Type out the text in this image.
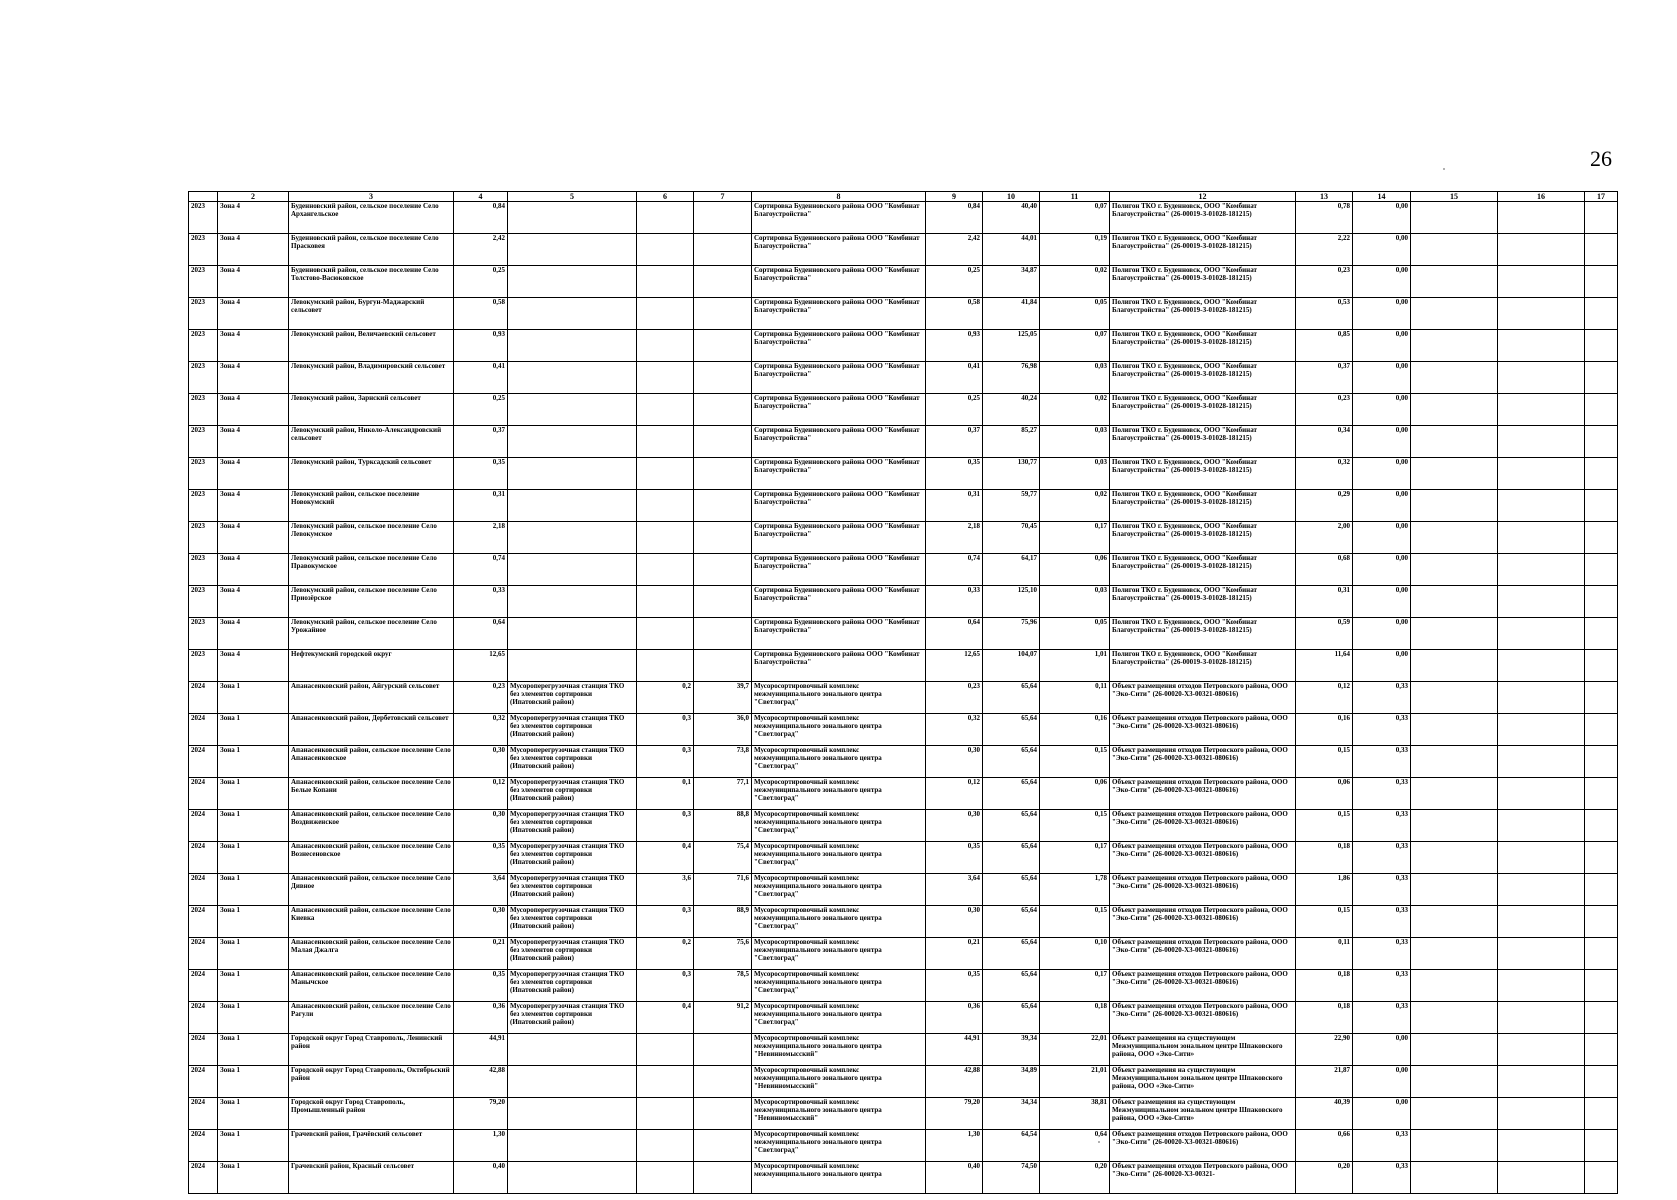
26
	2	3	4	5	6	7	8	9	10	11	12	13	14	15	16	17
2023	Зона 4	Буденновский район, сельское поселение Село Архангельское	0,84				Сортировка Буденновского района ООО "Комбинат Благоустройства"	0,84	40,40	0,07	Полигон ТКО г. Буденновск, ООО "Комбинат Благоустройства" (26-00019-З-01028-181215)	0,78	0,00			
2023	Зона 4	Буденновский район, сельское поселение Село Прасковея	2,42				Сортировка Буденновского района ООО "Комбинат Благоустройства"	2,42	44,01	0,19	Полигон ТКО г. Буденновск, ООО "Комбинат Благоустройства" (26-00019-З-01028-181215)	2,22	0,00			
2023	Зона 4	Буденновский район, сельское поселение Село Толстово-Васюковское	0,25				Сортировка Буденновского района ООО "Комбинат Благоустройства"	0,25	34,87	0,02	Полигон ТКО г. Буденновск, ООО "Комбинат Благоустройства" (26-00019-З-01028-181215)	0,23	0,00			
2023	Зона 4	Левокумский район, Бургун-Маджарский сельсовет	0,58				Сортировка Буденновского района ООО "Комбинат Благоустройства"	0,58	41,84	0,05	Полигон ТКО г. Буденновск, ООО "Комбинат Благоустройства" (26-00019-З-01028-181215)	0,53	0,00			
2023	Зона 4	Левокумский район, Величаевский сельсовет	0,93				Сортировка Буденновского района ООО "Комбинат Благоустройства"	0,93	125,05	0,07	Полигон ТКО г. Буденновск, ООО "Комбинат Благоустройства" (26-00019-З-01028-181215)	0,85	0,00			
2023	Зона 4	Левокумский район, Владимировский сельсовет	0,41				Сортировка Буденновского района ООО "Комбинат Благоустройства"	0,41	76,98	0,03	Полигон ТКО г. Буденновск, ООО "Комбинат Благоустройства" (26-00019-З-01028-181215)	0,37	0,00			
2023	Зона 4	Левокумский район, Зарнский сельсовет	0,25				Сортировка Буденновского района ООО "Комбинат Благоустройства"	0,25	40,24	0,02	Полигон ТКО г. Буденновск, ООО "Комбинат Благоустройства" (26-00019-З-01028-181215)	0,23	0,00			
2023	Зона 4	Левокумский район, Николо-Александровский сельсовет	0,37				Сортировка Буденновского района ООО "Комбинат Благоустройства"	0,37	85,27	0,03	Полигон ТКО г. Буденновск, ООО "Комбинат Благоустройства" (26-00019-З-01028-181215)	0,34	0,00			
2023	Зона 4	Левокумский район, Турксадский сельсовет	0,35				Сортировка Буденновского района ООО "Комбинат Благоустройства"	0,35	130,77	0,03	Полигон ТКО г. Буденновск, ООО "Комбинат Благоустройства" (26-00019-З-01028-181215)	0,32	0,00			
2023	Зона 4	Левокумский район, сельское поселение Новокумский	0,31				Сортировка Буденновского района ООО "Комбинат Благоустройства"	0,31	59,77	0,02	Полигон ТКО г. Буденновск, ООО "Комбинат Благоустройства" (26-00019-З-01028-181215)	0,29	0,00			
2023	Зона 4	Левокумский район, сельское поселение Село Левокумское	2,18				Сортировка Буденновского района ООО "Комбинат Благоустройства"	2,18	70,45	0,17	Полигон ТКО г. Буденновск, ООО "Комбинат Благоустройства" (26-00019-З-01028-181215)	2,00	0,00			
2023	Зона 4	Левокумский район, сельское поселение Село Правокумское	0,74				Сортировка Буденновского района ООО "Комбинат Благоустройства"	0,74	64,17	0,06	Полигон ТКО г. Буденновск, ООО "Комбинат Благоустройства" (26-00019-З-01028-181215)	0,68	0,00			
2023	Зона 4	Левокумский район, сельское поселение Село Приозёрское	0,33				Сортировка Буденновского района ООО "Комбинат Благоустройства"	0,33	125,10	0,03	Полигон ТКО г. Буденновск, ООО "Комбинат Благоустройства" (26-00019-З-01028-181215)	0,31	0,00			
2023	Зона 4	Левокумский район, сельское поселение Село Урожайное	0,64				Сортировка Буденновского района ООО "Комбинат Благоустройства"	0,64	75,96	0,05	Полигон ТКО г. Буденновск, ООО "Комбинат Благоустройства" (26-00019-З-01028-181215)	0,59	0,00			
2023	Зона 4	Нефтекумский городской округ	12,65				Сортировка Буденновского района ООО "Комбинат Благоустройства"	12,65	104,07	1,01	Полигон ТКО г. Буденновск, ООО "Комбинат Благоустройства" (26-00019-З-01028-181215)	11,64	0,00			
2024	Зона 1	Апанасенковский район, Айгурский сельсовет	0,23	Мусороперегрузочная станция ТКО без элементов сортировки (Ипатовский район)	0,2	39,7	Мусоросортировочный комплекс межмуниципального зонального центра "Светлоград"	0,23	65,64	0,11	Объект размещения отходов Петровского района, ООО "Эко-Сити" (26-00020-Х3-00321-080616)	0,12	0,33			
2024	Зона 1	Апанасенковский район, Дербетовский сельсовет	0,32	Мусороперегрузочная станция ТКО без элементов сортировки (Ипатовский район)	0,3	36,0	Мусоросортировочный комплекс межмуниципального зонального центра "Светлоград"	0,32	65,64	0,16	Объект размещения отходов Петровского района, ООО "Эко-Сити" (26-00020-Х3-00321-080616)	0,16	0,33			
2024	Зона 1	Апанасенковский район, сельское поселение Село Апанасенковское	0,30	Мусороперегрузочная станция ТКО без элементов сортировки (Ипатовский район)	0,3	73,8	Мусоросортировочный комплекс межмуниципального зонального центра "Светлоград"	0,30	65,64	0,15	Объект размещения отходов Петровского района, ООО "Эко-Сити" (26-00020-Х3-00321-080616)	0,15	0,33			
2024	Зона 1	Апанасенковский район, сельское поселение Село Белые Копани	0,12	Мусороперегрузочная станция ТКО без элементов сортировки (Ипатовский район)	0,1	77,1	Мусоросортировочный комплекс межмуниципального зонального центра "Светлоград"	0,12	65,64	0,06	Объект размещения отходов Петровского района, ООО "Эко-Сити" (26-00020-Х3-00321-080616)	0,06	0,33			
2024	Зона 1	Апанасенковский район, сельское поселение Село Воздвиженское	0,30	Мусороперегрузочная станция ТКО без элементов сортировки (Ипатовский район)	0,3	88,8	Мусоросортировочный комплекс межмуниципального зонального центра "Светлоград"	0,30	65,64	0,15	Объект размещения отходов Петровского района, ООО "Эко-Сити" (26-00020-Х3-00321-080616)	0,15	0,33			
2024	Зона 1	Апанасенковский район, сельское поселение Село Вознесеновское	0,35	Мусороперегрузочная станция ТКО без элементов сортировки (Ипатовский район)	0,4	75,4	Мусоросортировочный комплекс межмуниципального зонального центра "Светлоград"	0,35	65,64	0,17	Объект размещения отходов Петровского района, ООО "Эко-Сити" (26-00020-Х3-00321-080616)	0,18	0,33			
2024	Зона 1	Апанасенковский район, сельское поселение Село Дивное	3,64	Мусороперегрузочная станция ТКО без элементов сортировки (Ипатовский район)	3,6	71,6	Мусоросортировочный комплекс межмуниципального зонального центра "Светлоград"	3,64	65,64	1,78	Объект размещения отходов Петровского района, ООО "Эко-Сити" (26-00020-Х3-00321-080616)	1,86	0,33			
2024	Зона 1	Апанасенковский район, сельское поселение Село Киевка	0,30	Мусороперегрузочная станция ТКО без элементов сортировки (Ипатовский район)	0,3	88,9	Мусоросортировочный комплекс межмуниципального зонального центра "Светлоград"	0,30	65,64	0,15	Объект размещения отходов Петровского района, ООО "Эко-Сити" (26-00020-Х3-00321-080616)	0,15	0,33			
2024	Зона 1	Апанасенковский район, сельское поселение Село Малая Джалга	0,21	Мусороперегрузочная станция ТКО без элементов сортировки (Ипатовский район)	0,2	75,6	Мусоросортировочный комплекс межмуниципального зонального центра "Светлоград"	0,21	65,64	0,10	Объект размещения отходов Петровского района, ООО "Эко-Сити" (26-00020-Х3-00321-080616)	0,11	0,33			
2024	Зона 1	Апанасенковский район, сельское поселение Село Манычское	0,35	Мусороперегрузочная станция ТКО без элементов сортировки (Ипатовский район)	0,3	78,5	Мусоросортировочный комплекс межмуниципального зонального центра "Светлоград"	0,35	65,64	0,17	Объект размещения отходов Петровского района, ООО "Эко-Сити" (26-00020-Х3-00321-080616)	0,18	0,33			
2024	Зона 1	Апанасенковский район, сельское поселение Село Рагули	0,36	Мусороперегрузочная станция ТКО без элементов сортировки (Ипатовский район)	0,4	91,2	Мусоросортировочный комплекс межмуниципального зонального центра "Светлоград"	0,36	65,64	0,18	Объект размещения отходов Петровского района, ООО "Эко-Сити" (26-00020-Х3-00321-080616)	0,18	0,33			
2024	Зона 1	Городской округ Город Ставрополь, Ленинский район	44,91				Мусоросортировочный комплекс межмуниципального зонального центра "Невинномысский"	44,91	39,34	22,01	Объект размещения на существующем Межмуниципальном зональном центре Шпаковского района, ООО «Эко-Сити»	22,90	0,00			
2024	Зона 1	Городской округ Город Ставрополь, Октябрьский район	42,88				Мусоросортировочный комплекс межмуниципального зонального центра "Невинномысский"	42,88	34,89	21,01	Объект размещения на существующем Межмуниципальном зональном центре Шпаковского района, ООО «Эко-Сити»	21,87	0,00			
2024	Зона 1	Городской округ Город Ставрополь, Промышленный район	79,20				Мусоросортировочный комплекс межмуниципального зонального центра "Невинномысский"	79,20	34,34	38,81	Объект размещения на существующем Межмуниципальном зональном центре Шпаковского района, ООО «Эко-Сити»	40,39	0,00			
2024	Зона 1	Грачевский район, Грачёвский сельсовет	1,30				Мусоросортировочный комплекс межмуниципального зонального центра "Светлоград"	1,30	64,54	0,64	Объект размещения отходов Петровского района, ООО "Эко-Сити" (26-00020-Х3-00321-080616)	0,66	0,33			
2024	Зона 1	Грачевский район, Красный сельсовет	0,40				Мусоросортировочный комплекс межмуниципального зонального центра	0,40	74,50	0,20	Объект размещения отходов Петровского района, ООО "Эко-Сити" (26-00020-Х3-00321-	0,20	0,33			
